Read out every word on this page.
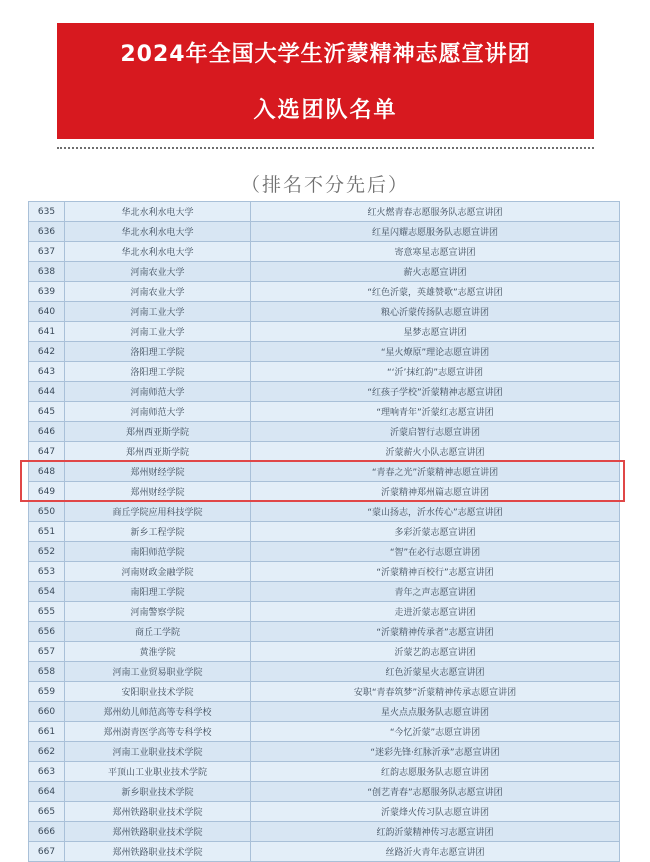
2024年全国大学生沂蒙精神志愿宣讲团
入选团队名单
（排名不分先后）
635	华北水利水电大学	红火燃青春志愿服务队志愿宣讲团
636	华北水利水电大学	红星闪耀志愿服务队志愿宣讲团
637	华北水利水电大学	寄意寒星志愿宣讲团
638	河南农业大学	薪火志愿宣讲团
639	河南农业大学	“红色沂蒙，英雄赞歌”志愿宣讲团
640	河南工业大学	粮心沂蒙传扬队志愿宣讲团
641	河南工业大学	星梦志愿宣讲团
642	洛阳理工学院	“星火燎原”理论志愿宣讲团
643	洛阳理工学院	“‘沂’抹红韵”志愿宣讲团
644	河南师范大学	“红孩子学校”沂蒙精神志愿宣讲团
645	河南师范大学	“理响青年”沂蒙红志愿宣讲团
646	郑州西亚斯学院	沂蒙启智行志愿宣讲团
647	郑州西亚斯学院	沂蒙薪火小队志愿宣讲团
648	郑州财经学院	“青春之光”沂蒙精神志愿宣讲团
649	郑州财经学院	沂蒙精神郑州篇志愿宣讲团
650	商丘学院应用科技学院	“蒙山扬志，沂水传心”志愿宣讲团
651	新乡工程学院	多彩沂蒙志愿宣讲团
652	南阳师范学院	“智”在必行志愿宣讲团
653	河南财政金融学院	“沂蒙精神百校行”志愿宣讲团
654	南阳理工学院	青年之声志愿宣讲团
655	河南警察学院	走进沂蒙志愿宣讲团
656	商丘工学院	“沂蒙精神传承者”志愿宣讲团
657	黄淮学院	沂蒙艺韵志愿宣讲团
658	河南工业贸易职业学院	红色沂蒙星火志愿宣讲团
659	安阳职业技术学院	安职“青春筑梦”沂蒙精神传承志愿宣讲团
660	郑州幼儿师范高等专科学校	星火点点服务队志愿宣讲团
661	郑州澍青医学高等专科学校	“今忆沂蒙”志愿宣讲团
662	河南工业职业技术学院	“迷彩先锋·红脉沂承”志愿宣讲团
663	平顶山工业职业技术学院	红韵志愿服务队志愿宣讲团
664	新乡职业技术学院	“创艺青春”志愿服务队志愿宣讲团
665	郑州铁路职业技术学院	沂蒙烽火传习队志愿宣讲团
666	郑州铁路职业技术学院	红韵沂蒙精神传习志愿宣讲团
667	郑州铁路职业技术学院	丝路沂火青年志愿宣讲团
